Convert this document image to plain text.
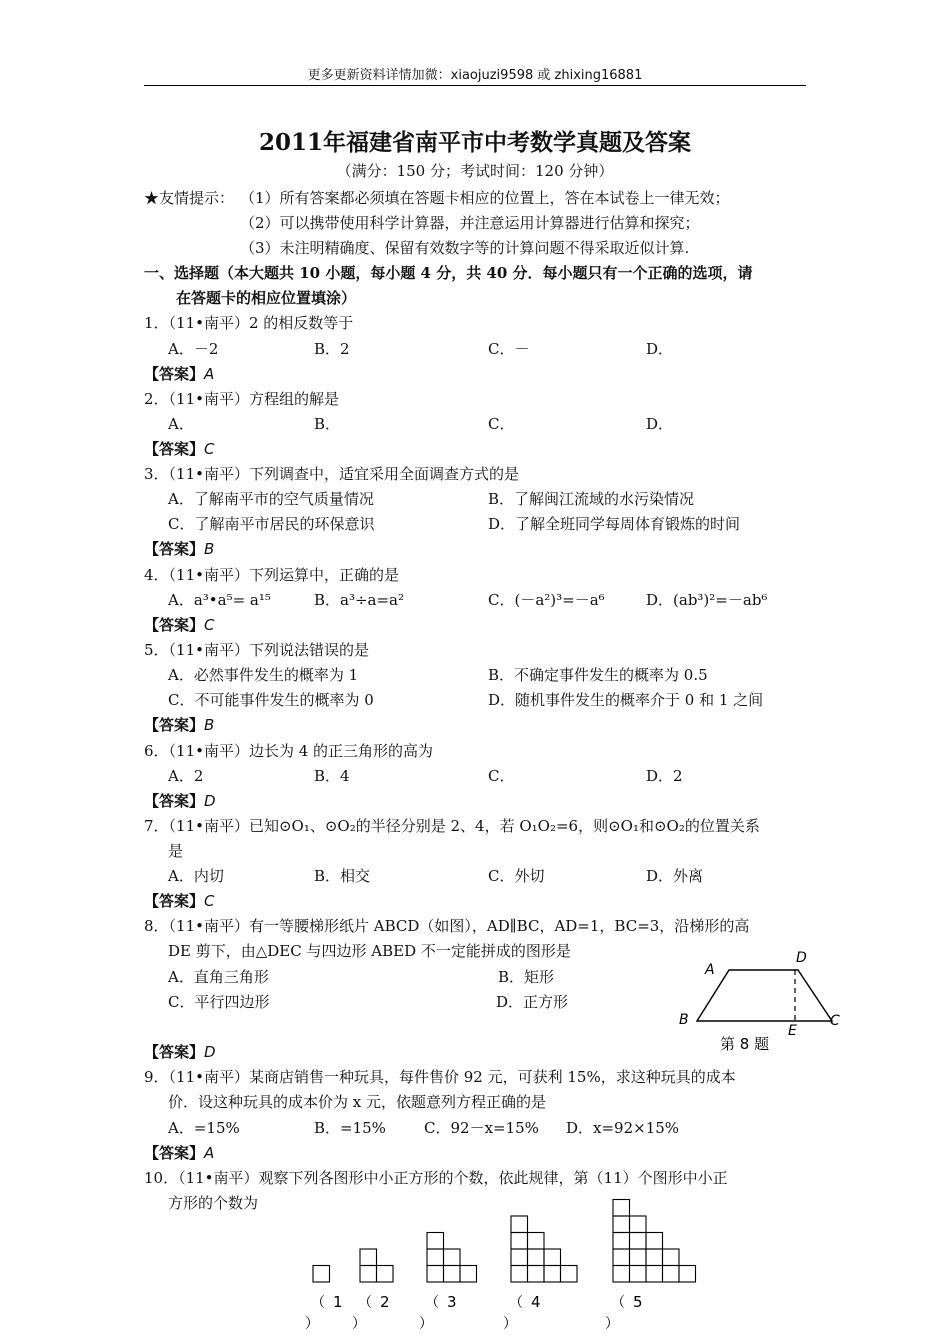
更多更新资料详情加微：xiaojuzi9598 或 zhixing16881
2011年福建省南平市中考数学真题及答案
（满分：150 分；考试时间：120 分钟）
★友情提示： （1）所有答案都必须填在答题卡相应的位置上，答在本试卷上一律无效；
（2）可以携带使用科学计算器，并注意运用计算器进行估算和探究；
（3）未注明精确度、保留有效数字等的计算问题不得采取近似计算.
一、选择题（本大题共 10 小题，每小题 4 分，共 40 分．每小题只有一个正确的选项，请
在答题卡的相应位置填涂）
1．（11•南平）2 的相反数等于
A．－2	B．2	C．－	D．
【答案】A
2．（11•南平）方程组的解是
A．	B．	C．	D．
【答案】C
3．（11•南平）下列调查中，适宜采用全面调查方式的是
A．了解南平市的空气质量情况	B．了解闽江流域的水污染情况
C．了解南平市居民的环保意识	D．了解全班同学每周体育锻炼的时间
【答案】B
4．（11•南平）下列运算中，正确的是
A．a³•a⁵= a¹⁵	B．a³÷a=a²	C．(－a²)³=－a⁶	D．(ab³)²=－ab⁶
【答案】C
5．（11•南平）下列说法错误的是
A．必然事件发生的概率为 1	B．不确定事件发生的概率为 0.5
C．不可能事件发生的概率为 0	D．随机事件发生的概率介于 0 和 1 之间
【答案】B
6．（11•南平）边长为 4 的正三角形的高为
A．2	B．4	C．	D．2
【答案】D
7．（11•南平）已知⊙O₁、⊙O₂的半径分别是 2、4，若 O₁O₂=6，则⊙O₁和⊙O₂的位置关系
是
A．内切	B．相交	C．外切	D．外离
【答案】C
8．（11•南平）有一等腰梯形纸片 ABCD（如图），AD∥BC，AD=1，BC=3，沿梯形的高
DE 剪下，由△DEC 与四边形 ABED 不一定能拼成的图形是
A．直角三角形	B．矩形
C．平行四边形	D．正方形
A
D
B
E
C
第 8 题
【答案】D
9．（11•南平）某商店销售一种玩具，每件售价 92 元，可获利 15%，求这种玩具的成本
价．设这种玩具的成本价为 x 元，依题意列方程正确的是
A．=15%	B．=15%	C．92－x=15% D．x=92×15%
【答案】A
10．（11•南平）观察下列各图形中小正方形的个数，依此规律，第（11）个图形中小正
方形的个数为
（ 1
）
（ 2
）
（ 3
）
（ 4
）
（ 5
）
